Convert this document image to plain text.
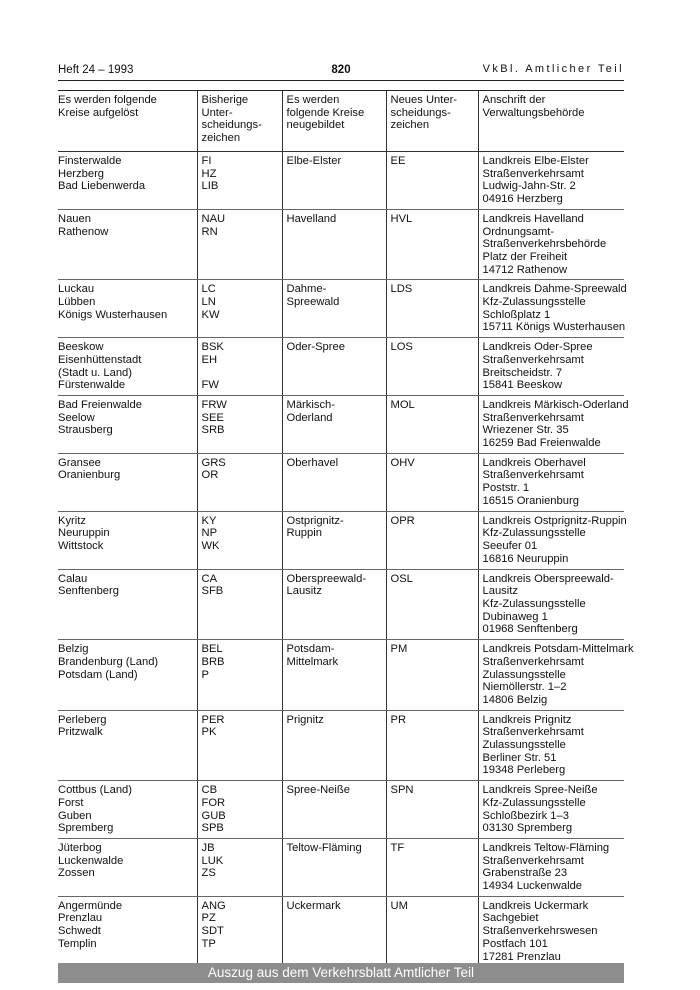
Heft 24 – 1993	820	VkBl. Amtlicher Teil
Es werden folgende
Kreise aufgelöst	Bisherige
Unter-
scheidungs-
zeichen	Es werden
folgende Kreise
neugebildet	Neues Unter-
scheidungs-
zeichen	Anschrift der
Verwaltungsbehörde

Finsterwalde
Herzberg
Bad Liebenwerda	FI
HZ
LIB	Elbe-Elster	EE	Landkreis Elbe-Elster
Straßenverkehrsamt
Ludwig-Jahn-Str. 2
04916 Herzberg

Nauen
Rathenow	NAU
RN	Havelland	HVL	Landkreis Havelland
Ordnungsamt-
Straßenverkehrsbehörde
Platz der Freiheit
14712 Rathenow

Luckau
Lübben
Königs Wusterhausen	LC
LN
KW	Dahme-
Spreewald	LDS	Landkreis Dahme-Spreewald
Kfz-Zulassungsstelle
Schloßplatz 1
15711 Königs Wusterhausen

Beeskow
Eisenhüttenstadt
(Stadt u. Land)
Fürstenwalde	BSK
EH
FW	Oder-Spree	LOS	Landkreis Oder-Spree
Straßenverkehrsamt
Breitscheidstr. 7
15841 Beeskow

Bad Freienwalde
Seelow
Strausberg	FRW
SEE
SRB	Märkisch-
Oderland	MOL	Landkreis Märkisch-Oderland
Straßenverkehrsamt
Wriezener Str. 35
16259 Bad Freienwalde

Gransee
Oranienburg	GRS
OR	Oberhavel	OHV	Landkreis Oberhavel
Straßenverkehrsamt
Poststr. 1
16515 Oranienburg

Kyritz
Neuruppin
Wittstock	KY
NP
WK	Ostprignitz-
Ruppin	OPR	Landkreis Ostprignitz-Ruppin
Kfz-Zulassungsstelle
Seeufer 01
16816 Neuruppin

Calau
Senftenberg	CA
SFB	Oberspreewald-
Lausitz	OSL	Landkreis Oberspreewald-
Lausitz
Kfz-Zulassungsstelle
Dubinaweg 1
01968 Senftenberg

Belzig
Brandenburg (Land)
Potsdam (Land)	BEL
BRB
P	Potsdam-
Mittelmark	PM	Landkreis Potsdam-Mittelmark
Straßenverkehrsamt
Zulassungsstelle
Niemöllerstr. 1–2
14806 Belzig

Perleberg
Pritzwalk	PER
PK	Prignitz	PR	Landkreis Prignitz
Straßenverkehrsamt
Zulassungsstelle
Berliner Str. 51
19348 Perleberg

Cottbus (Land)
Forst
Guben
Spremberg	CB
FOR
GUB
SPB	Spree-Neiße	SPN	Landkreis Spree-Neiße
Kfz-Zulassungsstelle
Schloßbezirk 1–3
03130 Spremberg

Jüterbog
Luckenwalde
Zossen	JB
LUK
ZS	Teltow-Fläming	TF	Landkreis Teltow-Fläming
Straßenverkehrsamt
Grabenstraße 23
14934 Luckenwalde

Angermünde
Prenzlau
Schwedt
Templin	ANG
PZ
SDT
TP	Uckermark	UM	Landkreis Uckermark
Sachgebiet
Straßenverkehrswesen
Postfach 101
17281 Prenzlau
Auszug aus dem Verkehrsblatt Amtlicher Teil
